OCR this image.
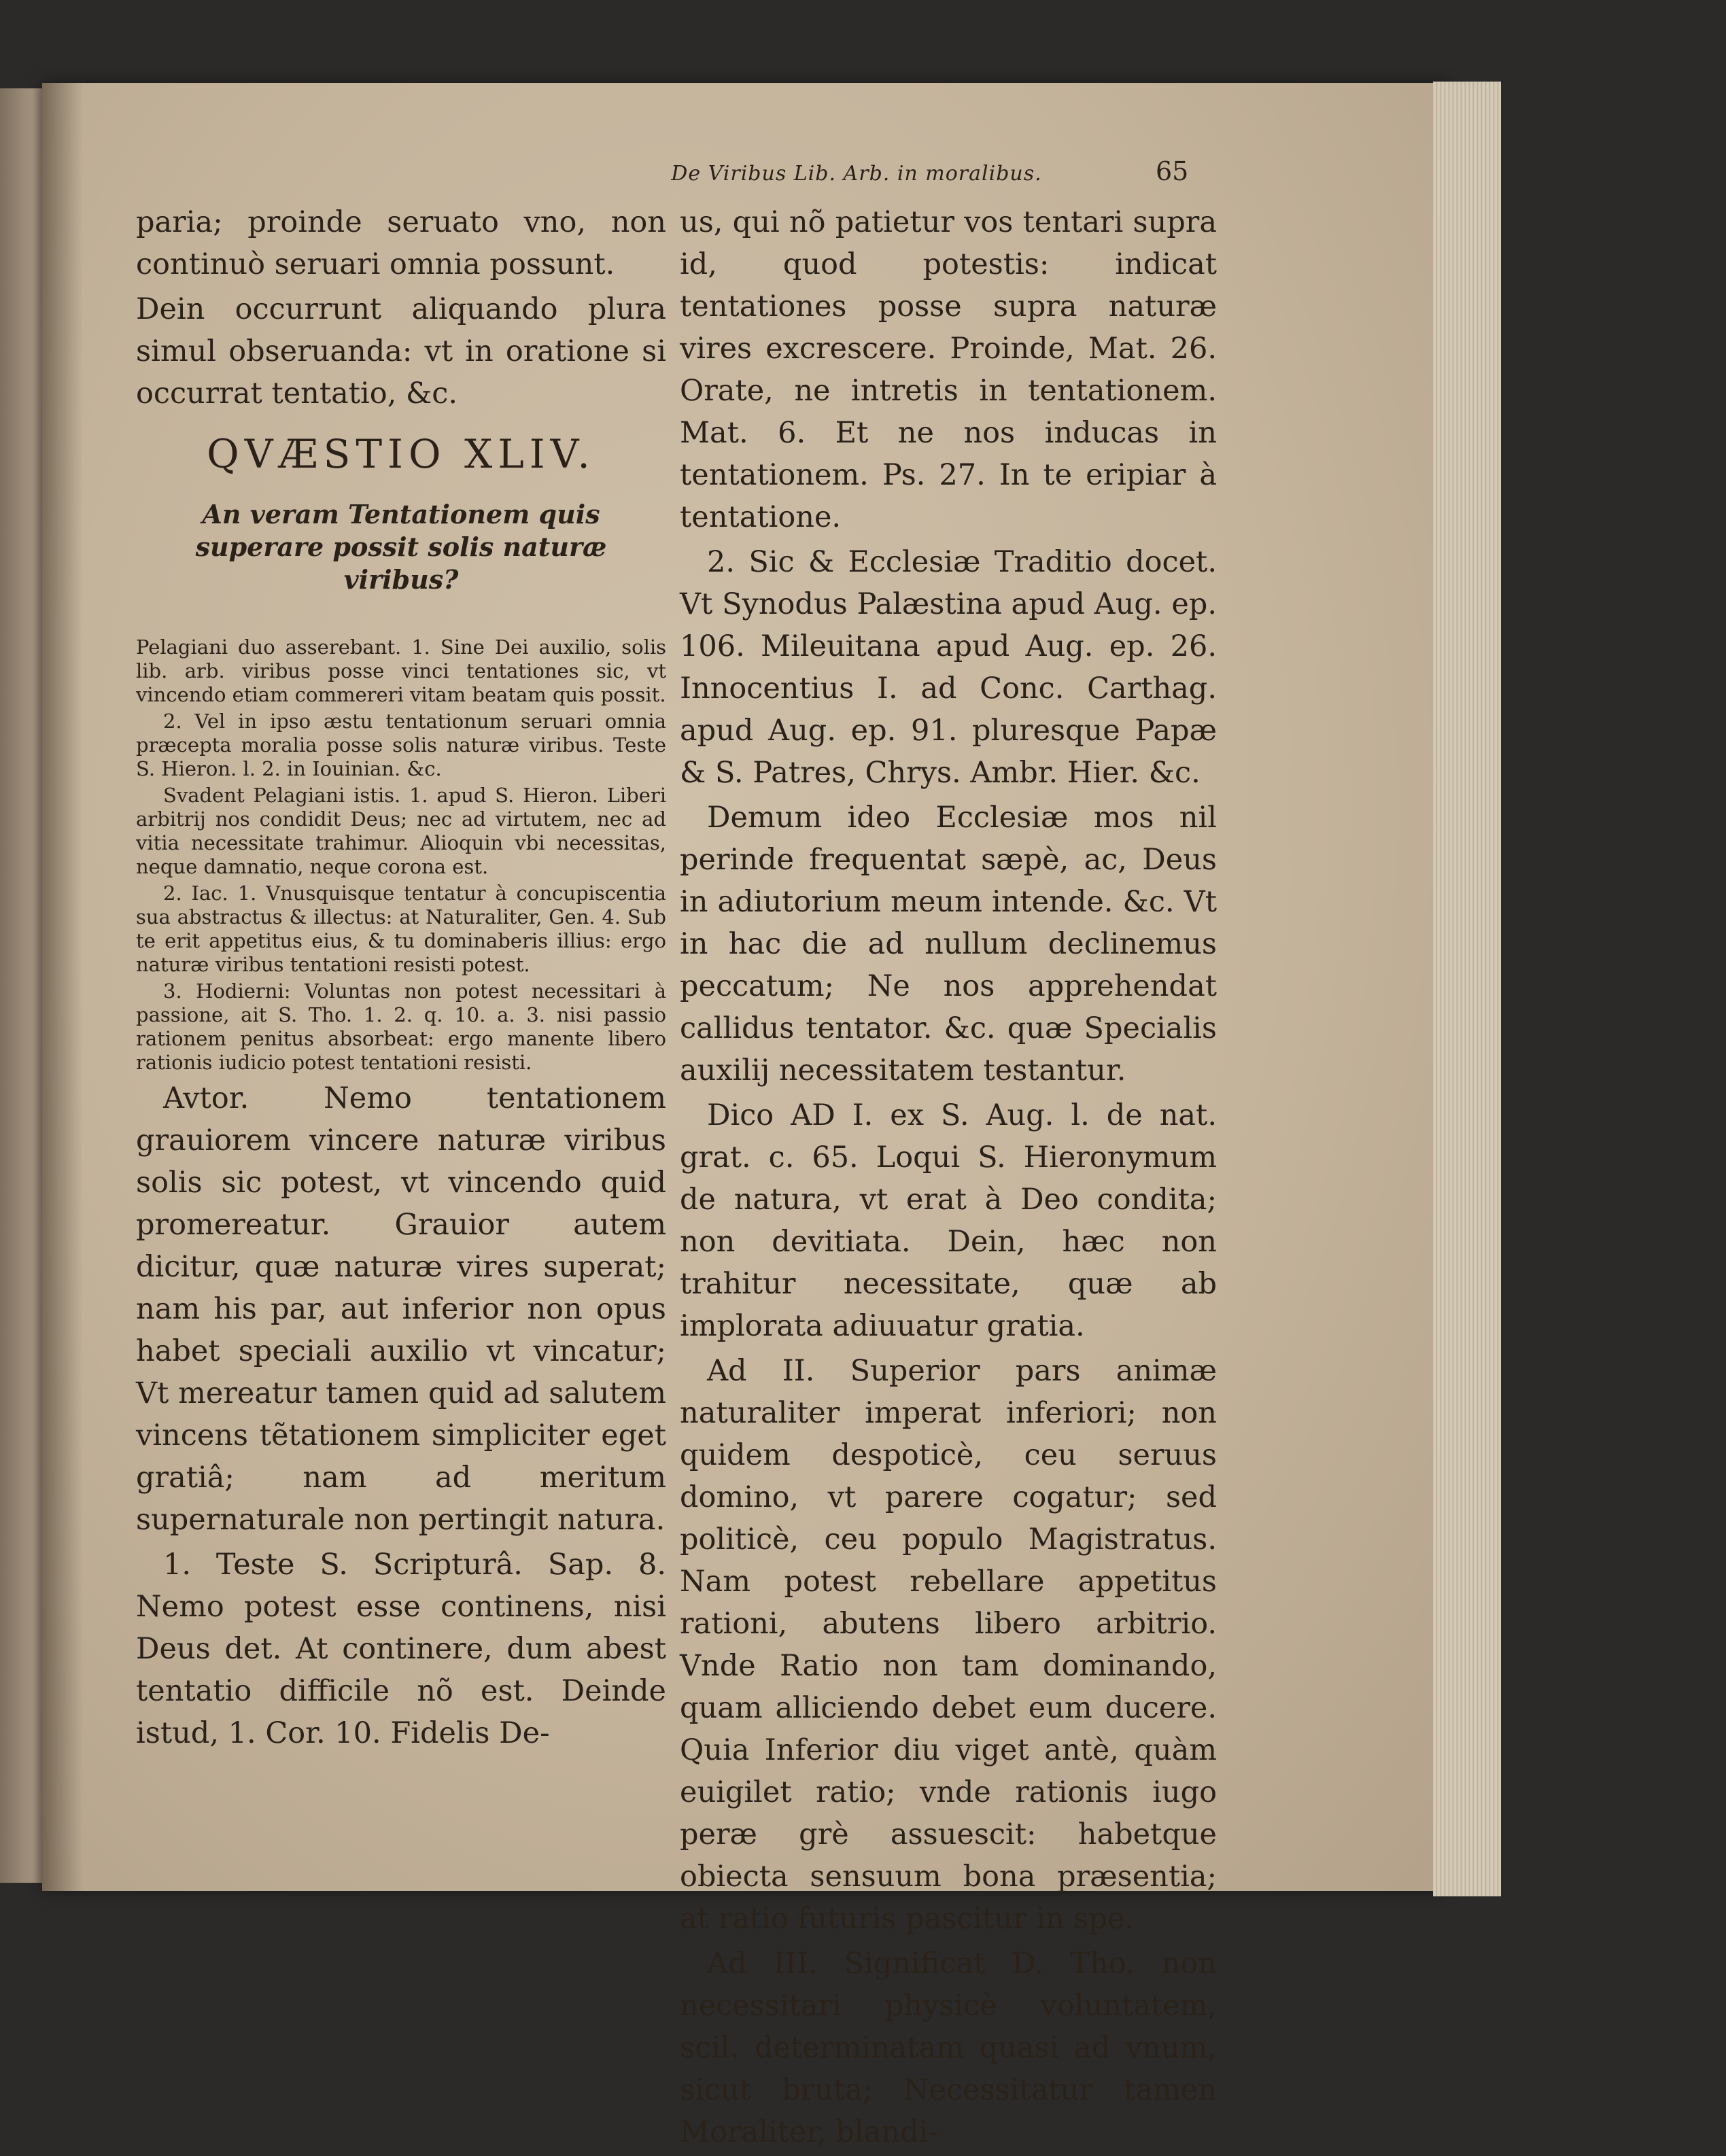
De Viribus Lib. Arb. in moralibus.	65

paria; proinde seruato vno, non continuò seruari omnia possunt.

Dein occurrunt aliquando plura simul obseruanda: vt in oratione si occurrat tentatio, &c.

QVÆSTIO XLIV.
An veram Tentationem quis superare possit solis naturæ viribus?

Pelagiani duo asserebant. 1. Sine Dei auxilio, solis lib. arb. viribus posse vinci tentationes sic, vt vincendo etiam commereri vitam beatam quis possit.

2. Vel in ipso æstu tentationum seruari omnia præcepta moralia posse solis naturæ viribus. Teste S. Hieron. l. 2. in Iouinian. &c.

Svadent Pelagiani istis. 1. apud S. Hieron. Liberi arbitrij nos condidit Deus; nec ad virtutem, nec ad vitia necessitate trahimur. Alioquin vbi necessitas, neque damnatio, neque corona est.

2. Iac. 1. Vnusquisque tentatur à concupiscentia sua abstractus & illectus: at Naturaliter, Gen. 4. Sub te erit appetitus eius, & tu dominaberis illius: ergo naturæ viribus tentationi resisti potest.

3. Hodierni: Voluntas non potest necessitari à passione, ait S. Tho. 1. 2. q. 10. a. 3. nisi passio rationem penitus absorbeat: ergo manente libero rationis iudicio potest tentationi resisti.

Avtor. Nemo tentationem grauiorem vincere naturæ viribus solis sic potest, vt vincendo quid promereatur. Grauior autem dicitur, quæ naturæ vires superat; nam his par, aut inferior non opus habet speciali auxilio vt vincatur; Vt mereatur tamen quid ad salutem vincens tẽtationem simpliciter eget gratiâ; nam ad meritum supernaturale non pertingit natura.

1. Teste S. Scripturâ. Sap. 8. Nemo potest esse continens, nisi Deus det. At continere, dum abest tentatio difficile nõ est. Deinde istud, 1. Cor. 10. Fidelis De-

us, qui nõ patietur vos tentari supra id, quod potestis: indicat tentationes posse supra naturæ vires excrescere. Proinde, Mat. 26. Orate, ne intretis in tentationem. Mat. 6. Et ne nos inducas in tentationem. Ps. 27. In te eripiar à tentatione.

2. Sic & Ecclesiæ Traditio docet. Vt Synodus Palæstina apud Aug. ep. 106. Mileuitana apud Aug. ep. 26. Innocentius I. ad Conc. Carthag. apud Aug. ep. 91. pluresque Papæ & S. Patres, Chrys. Ambr. Hier. &c.

Demum ideo Ecclesiæ mos nil perinde frequentat sæpè, ac, Deus in adiutorium meum intende. &c. Vt in hac die ad nullum declinemus peccatum; Ne nos apprehendat callidus tentator. &c. quæ Specialis auxilij necessitatem testantur.

Dico AD I. ex S. Aug. l. de nat. grat. c. 65. Loqui S. Hieronymum de natura, vt erat à Deo condita; non devitiata. Dein, hæc non trahitur necessitate, quæ ab implorata adiuuatur gratia.

Ad II. Superior pars animæ naturaliter imperat inferiori; non quidem despoticè, ceu seruus domino, vt parere cogatur; sed politicè, ceu populo Magistratus. Nam potest rebellare appetitus rationi, abutens libero arbitrio. Vnde Ratio non tam dominando, quam alliciendo debet eum ducere. Quia Inferior diu viget antè, quàm euigilet ratio; vnde rationis iugo peræ grè assuescit: habetque obiecta sensuum bona præsentia; at ratio futuris pascitur in spe.

Ad III. Significat D. Tho. non necessitari physicè voluntatem, scil. determinatam quasi ad vnum, sicut bruta; Necessitatur tamen Moraliter, blandi-
